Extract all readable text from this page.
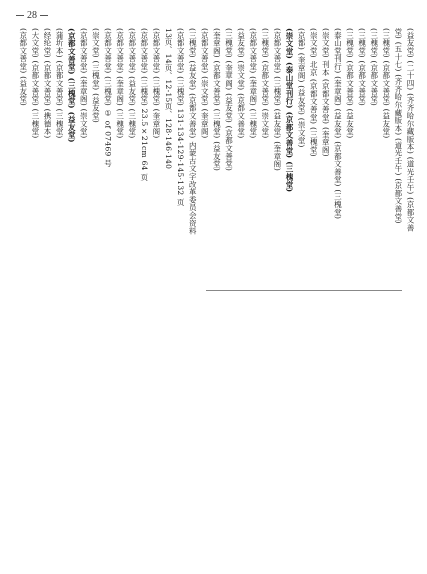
28
(益友堂) (二十四) (齐齐哈尔藏版本) (道光壬午) (京都文善
堂) (五十七) (齐齐哈尔藏版本) (道光壬午) (京都文善堂)
(三槐堂) (京都文善堂) (益友堂)
(三槐堂) (京都文善堂)
(三槐堂) (京都文善堂)
(三槐堂) (京都文善堂) (益友堂)
(泰山堂刊行) (奎章阁) (益友堂) (京都文善堂) (三槐堂)
(崇文堂) 刊本 (京都文善堂) (奎章阁)
(崇文堂) 北京 (京都文善堂) (三槐堂)
(京都) (奎章阁) (益友堂) (崇文堂)
(崇文堂) (泰山堂刊行) (京都文善堂) (三槐堂)
(京都文善堂) (三槐堂) (益友堂) (奎章阁)
(三槐堂) (京都文善堂) (崇文堂)
(京都文善堂) (奎章阁) (三槐堂)
(益友堂) (崇文堂) (京都文善堂)
(三槐堂) (奎章阁) (益友堂) (京都文善堂)
(奎章阁) (京都文善堂) (三槐堂) (益友堂)
(京都文善堂) (崇文堂) (奎章阁)
(三槐堂) (益友堂) (京都文善堂) 内蒙古文字改革委员会资料
(京都文善堂) (三槐堂) 131·134·129·145·132 页
13页、14页、12-15页、128·146·140
(京都文善堂) (三槐堂) (奎章阁)
(京都文善堂) (三槐堂) 23.5×21cm 64 页
(京都文善堂) (益友堂) (三槐堂)
(京都文善堂) (奎章阁) (三槐堂)
(京都文善堂) (三槐堂) ① of 07469 号
(崇文堂) (三槐堂) (益友堂)
(京都文善堂) (奎章阁) (崇文堂)
(京都文善堂) (三槐堂) (益友堂)
(蒲圻本) (京都文善堂) (三槐堂)
(经纶堂) (京都文善堂) (携德本)
(大文堂) (京都文善堂) (三槐堂)
(京都文善堂) (益友堂)
